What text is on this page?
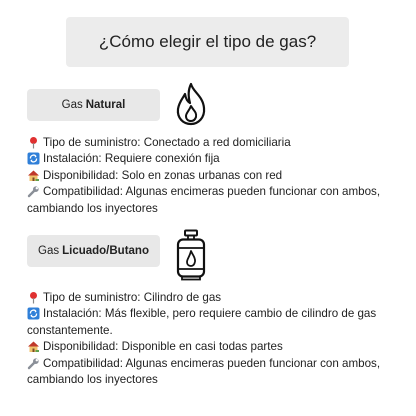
¿Cómo elegir el tipo de gas?
Gas Natural
Tipo de suministro: Conectado a red domiciliaria
Instalación: Requiere conexión fija
Disponibilidad: Solo en zonas urbanas con red
Compatibilidad: Algunas encimeras pueden funcionar con ambos, cambiando los inyectores
Gas Licuado/Butano
Tipo de suministro: Cilindro de gas
Instalación: Más flexible, pero requiere cambio de cilindro de gas constantemente.
Disponibilidad: Disponible en casi todas partes
Compatibilidad: Algunas encimeras pueden funcionar con ambos, cambiando los inyectores
